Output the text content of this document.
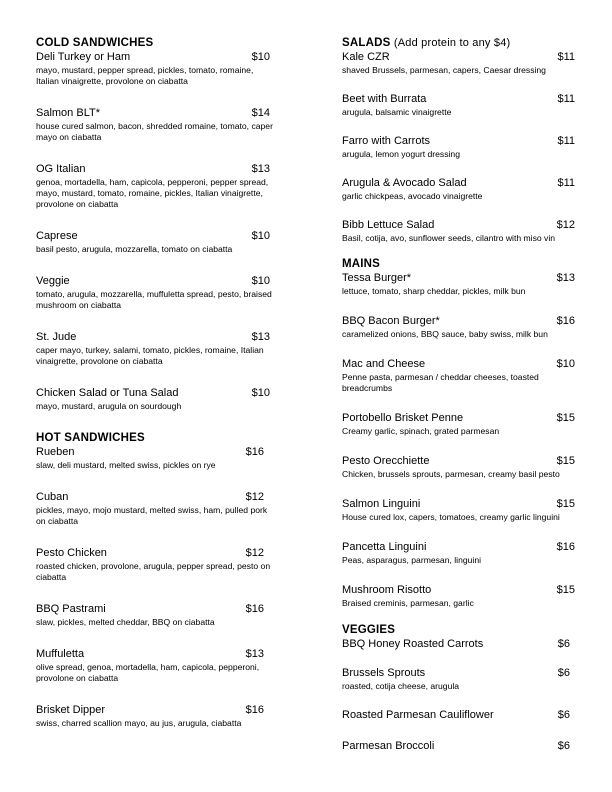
COLD SANDWICHES
Deli Turkey or Ham	$10
mayo, mustard, pepper spread, pickles, tomato, romaine, Italian vinaigrette, provolone on ciabatta
Salmon BLT*	$14
house cured salmon, bacon, shredded romaine, tomato, caper mayo on ciabatta
OG Italian	$13
genoa, mortadella, ham, capicola, pepperoni, pepper spread, mayo, mustard, tomato, romaine, pickles, Italian vinaigrette, provolone on ciabatta
Caprese	$10
basil pesto, arugula, mozzarella, tomato on ciabatta
Veggie	$10
tomato, arugula, mozzarella, muffuletta spread, pesto, braised mushroom on ciabatta
St. Jude	$13
caper mayo, turkey, salami, tomato, pickles, romaine, Italian vinaigrette, provolone on ciabatta
Chicken Salad or Tuna Salad	$10
mayo, mustard, arugula on sourdough
HOT SANDWICHES
Rueben	$16
slaw, deli mustard, melted swiss, pickles on rye
Cuban	$12
pickles, mayo, mojo mustard, melted swiss, ham, pulled pork on ciabatta
Pesto Chicken	$12
roasted chicken, provolone, arugula, pepper spread, pesto on ciabatta
BBQ Pastrami	$16
slaw, pickles, melted cheddar, BBQ on ciabatta
Muffuletta	$13
olive spread, genoa, mortadella, ham, capicola, pepperoni, provolone on ciabatta
Brisket Dipper	$16
swiss, charred scallion mayo, au jus, arugula, ciabatta
SALADS (Add protein to any $4)
Kale CZR	$11
shaved Brussels, parmesan, capers, Caesar dressing
Beet with Burrata	$11
arugula, balsamic vinaigrette
Farro with Carrots	$11
arugula, lemon yogurt dressing
Arugula & Avocado Salad	$11
garlic chickpeas, avocado vinaigrette
Bibb Lettuce Salad	$12
Basil, cotija, avo, sunflower seeds, cilantro with miso vin
MAINS
Tessa Burger*	$13
lettuce, tomato, sharp cheddar, pickles, milk bun
BBQ Bacon Burger*	$16
caramelized onions, BBQ sauce, baby swiss, milk bun
Mac and Cheese	$10
Penne pasta, parmesan / cheddar cheeses, toasted breadcrumbs
Portobello Brisket Penne	$15
Creamy garlic, spinach, grated parmesan
Pesto Orecchiette	$15
Chicken, brussels sprouts, parmesan, creamy basil pesto
Salmon Linguini	$15
House cured lox, capers, tomatoes, creamy garlic linguini
Pancetta Linguini	$16
Peas, asparagus, parmesan, linguini
Mushroom Risotto	$15
Braised creminis, parmesan, garlic
VEGGIES
BBQ Honey Roasted Carrots	$6
Brussels Sprouts	$6
roasted, cotija cheese, arugula
Roasted Parmesan Cauliflower	$6
Parmesan Broccoli	$6
